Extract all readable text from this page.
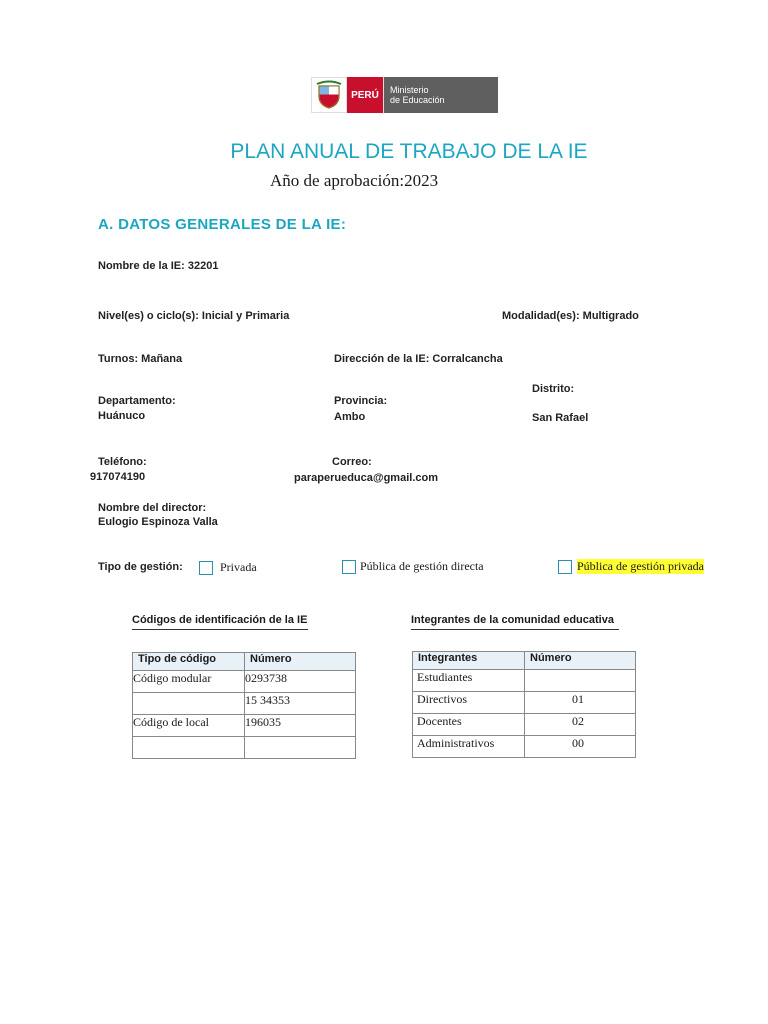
PERÚ	Ministerio
de Educación
PLAN ANUAL DE TRABAJO DE LA IE
Año de aprobación:2023
A. DATOS GENERALES DE LA IE:
Nombre de la IE: 32201
Nivel(es) o ciclo(s): Inicial y Primaria	Modalidad(es): Multigrado
Turnos: Mañana	Dirección de la IE: Corralcancha
Distrito:
San Rafael
Departamento:
Huánuco
Provincia:
Ambo
Teléfono:
917074190
Correo:
paraperueduca@gmail.com
Nombre del director:
Eulogio Espinoza Valla
Tipo de gestión:	Privada	Pública de gestión directa	Pública de gestión privada
Códigos de identificación de la IE
Tipo de código	Número
Código modular	0293738
	15 34353
Código de local	196035

Integrantes de la comunidad educativa
Integrantes	Número
Estudiantes	
Directivos	01
Docentes	02
Administrativos	00
